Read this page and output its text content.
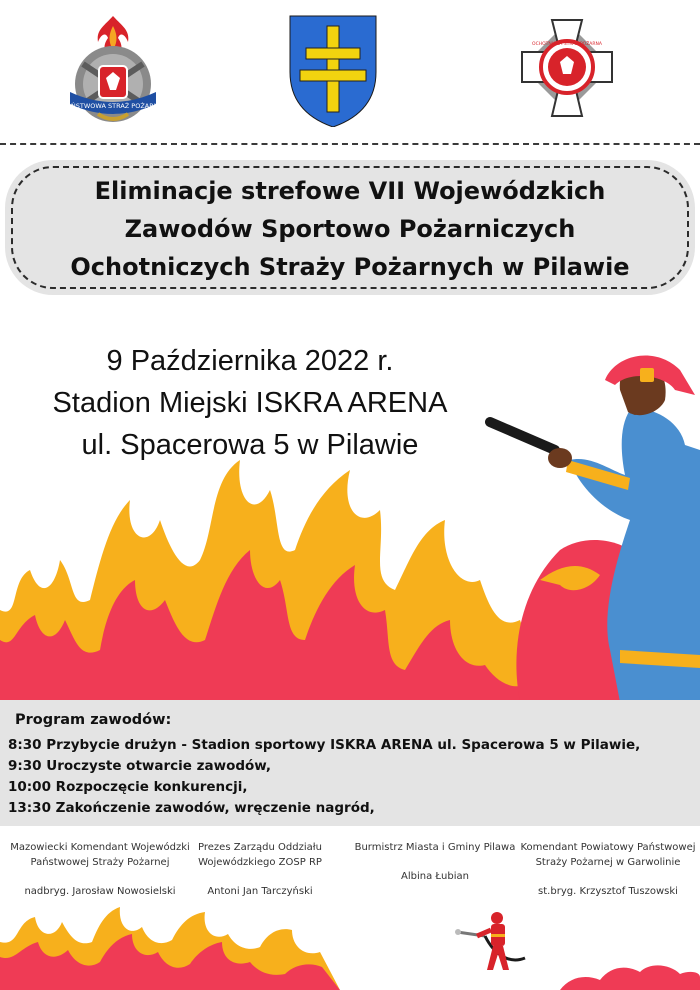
PAŃSTWOWA STRAŻ POŻARNA
OCHOTNICZA STRAŻ POŻARNA
Eliminacje strefowe VII Wojewódzkich
Zawodów Sportowo Pożarniczych
Ochotniczych Straży Pożarnych w Pilawie
9 Października 2022 r.
Stadion Miejski ISKRA ARENA
ul. Spacerowa 5 w Pilawie
Program zawodów:
8:30 Przybycie drużyn - Stadion sportowy ISKRA ARENA ul. Spacerowa 5 w Pilawie,
9:30 Uroczyste otwarcie zawodów,
10:00 Rozpoczęcie konkurencji,
13:30 Zakończenie zawodów, wręczenie nagród,
Mazowiecki Komendant Wojewódzki
Państwowej Straży Pożarnej
nadbryg. Jarosław Nowosielski
Prezes Zarządu Oddziału
Wojewódzkiego ZOSP RP
Antoni Jan Tarczyński
Burmistrz Miasta i Gminy Pilawa
Albina Łubian
Komendant Powiatowy Państwowej
Straży Pożarnej w Garwolinie
st.bryg. Krzysztof Tuszowski
